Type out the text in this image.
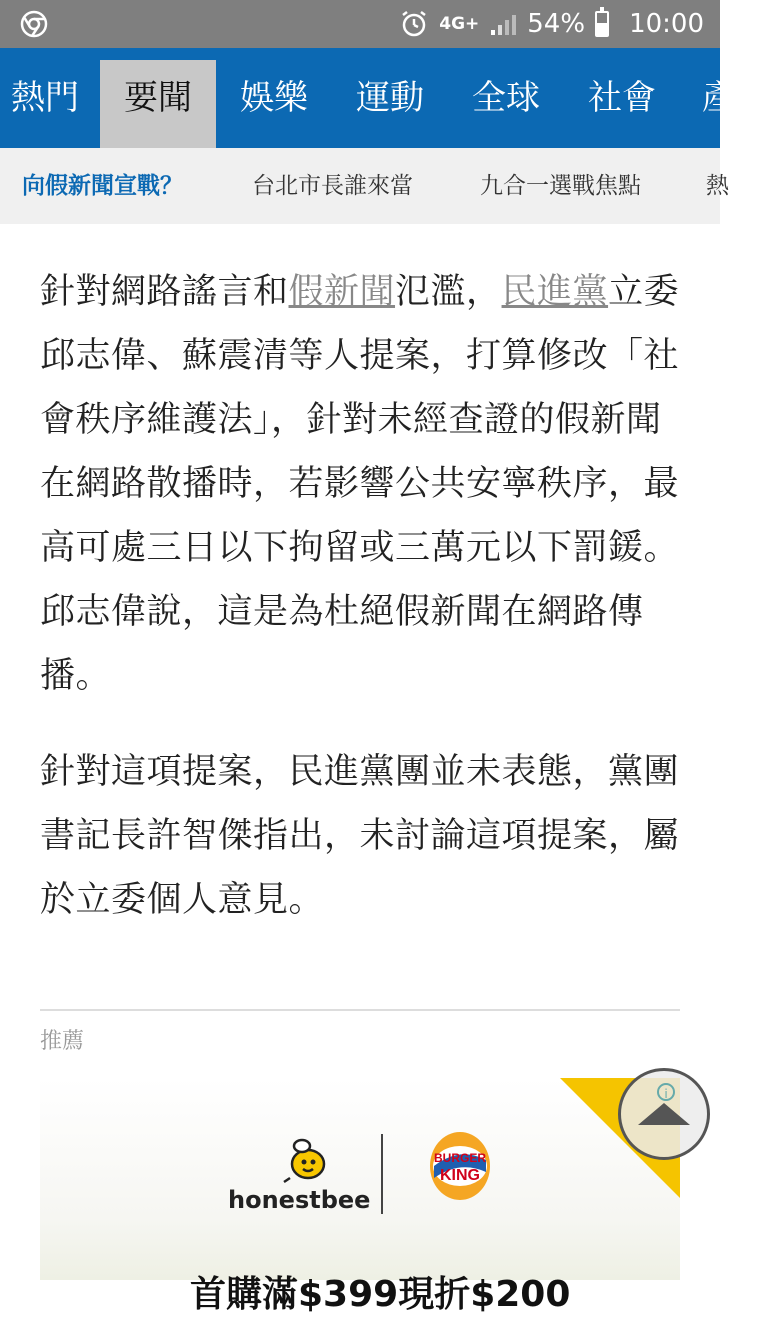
4G+ 54% 10:00
熱門	要聞	娛樂	運動	全球	社會	產
向假新聞宣戰？	台北市長誰來當	九合一選戰焦點	熱

針對網路謠言和假新聞氾濫，民進黨立委邱志偉、蘇震清等人提案，打算修改「社會秩序維護法」，針對未經查證的假新聞在網路散播時，若影響公共安寧秩序，最高可處三日以下拘留或三萬元以下罰鍰。邱志偉說，這是為杜絕假新聞在網路傳播。

針對這項提案，民進黨團並未表態，黨團書記長許智傑指出，未討論這項提案，屬於立委個人意見。

推薦
honestbee
BURGER
KING
首購滿$399現折$200
i
